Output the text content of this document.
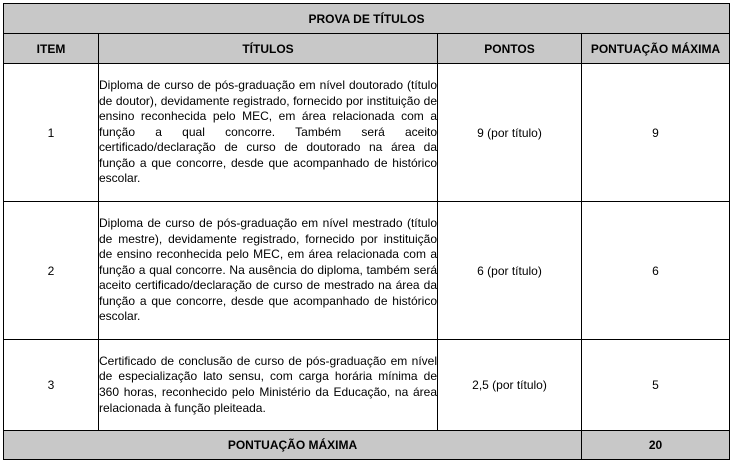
PROVA DE TÍTULOS			
ITEM	TÍTULOS	PONTOS	PONTUAÇÃO MÁXIMA
1	Diploma de curso de pós-graduação em nível doutorado (título de doutor), devidamente registrado, fornecido por instituição de ensino reconhecida pelo MEC, em área relacionada com a função a qual concorre. Também será aceito certificado/declaração de curso de doutorado na área da função a que concorre, desde que acompanhado de histórico escolar.	9 (por título)	9
2	Diploma de curso de pós-graduação em nível mestrado (título de mestre), devidamente registrado, fornecido por instituição de ensino reconhecida pelo MEC, em área relacionada com a função a qual concorre. Na ausência do diploma, também será aceito certificado/declaração de curso de mestrado na área da função a que concorre, desde que acompanhado de histórico escolar.	6 (por título)	6
3	Certificado de conclusão de curso de pós-graduação em nível de especialização lato sensu, com carga horária mínima de 360 horas, reconhecido pelo Ministério da Educação, na área relacionada à função pleiteada.	2,5 (por título)	5
PONTUAÇÃO MÁXIMA			20
